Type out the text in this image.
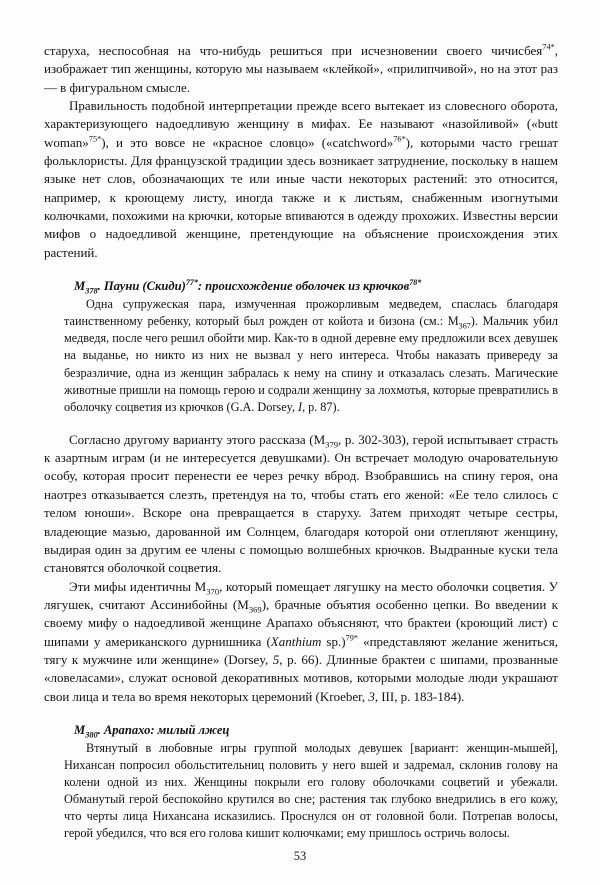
старуха, неспособная на что-нибудь решиться при исчезновении своего чичисбея$^{74*}$, изображает тип женщины, которую мы называем «клейкой», «прилипчивой», но на этот раз — в фигуральном смысле.

Правильность подобной интерпретации прежде всего вытекает из словесного оборота, характеризующего надоедливую женщину в мифах. Ее называют «назойливой» («butt woman»$^{75*}$), и это вовсе не «красное словцо» («catchword»$^{76*}$), которыми часто грешат фольклористы. Для французской традиции здесь возникает затруднение, поскольку в нашем языке нет слов, обозначающих те или иные части некоторых растений: это относится, например, к кроющему листу, иногда также и к листьям, снабженным изогнутыми колючками, похожими на крючки, которые впиваются в одежду прохожих. Известны версии мифов о надоедливой женщине, претендующие на объяснение происхождения этих растений.

$M_{378}$. Пауни (Скиди)$^{77*}$: происхождение оболочек из крючков$^{78*}$

Одна супружеская пара, измученная прожорливым медведем, спаслась благодаря таинственному ребенку, который был рожден от койота и бизона (см.: $М_{367}$). Мальчик убил медведя, после чего решил обойти мир. Как-то в одной деревне ему предложили всех девушек на выданье, но никто из них не вызвал у него интереса. Чтобы наказать привереду за безразличие, одна из женщин забралась к нему на спину и отказалась слезать. Магические животные пришли на помощь герою и содрали женщину за лохмотья, которые превратились в оболочку соцветия из крючков (G.A. Dorsey, I, p. 87).

Согласно другому варианту этого рассказа ($М_{379}$, p. 302-303), герой испытывает страсть к азартным играм (и не интересуется девушками). Он встречает молодую очаровательную особу, которая просит перенести ее через речку вброд. Взобравшись на спину героя, она наотрез отказывается слезть, претендуя на то, чтобы стать его женой: «Ее тело слилось с телом юноши». Вскоре она превращается в старуху. Затем приходят четыре сестры, владеющие мазью, дарованной им Солнцем, благодаря которой они отлепляют женщину, выдирая один за другим ее члены с помощью волшебных крючков. Выдранные куски тела становятся оболочкой соцветия.

Эти мифы идентичны $М_{370}$, который помещает лягушку на место оболочки соцветия. У лягушек, считают Ассинибойны $(М_{369})$, брачные объятия особенно цепки. Во введении к своему мифу о надоедливой женщине Арапахо объясняют, что брактеи (кроющий лист) с шипами у американского дурнишника (Xanthium sp.)$^{79*}$ «представляют желание жениться, тягу к мужчине или женщине» (Dorsey, 5, p. 66). Длинные брактеи с шипами, прозванные «ловеласами», служат основой декоративных мотивов, которыми молодые люди украшают свои лица и тела во время некоторых церемоний (Kroeber, 3, III, p. 183-184).

$M_{380}$. Арапахо: милый лжец

Втянутый в любовные игры группой молодых девушек [вариант: женщин-мышей], Нихансан попросил обольстительниц половить у него вшей и задремал, склонив голову на колени одной из них. Женщины покрыли его голову оболочками соцветий и убежали. Обманутый герой беспокойно крутился во сне; растения так глубоко внедрились в его кожу, что черты лица Нихансана исказились. Проснулся он от головной боли. Потрепав волосы, герой убедился, что вся его голова кишит колючками; ему пришлось остричь волосы.

53
